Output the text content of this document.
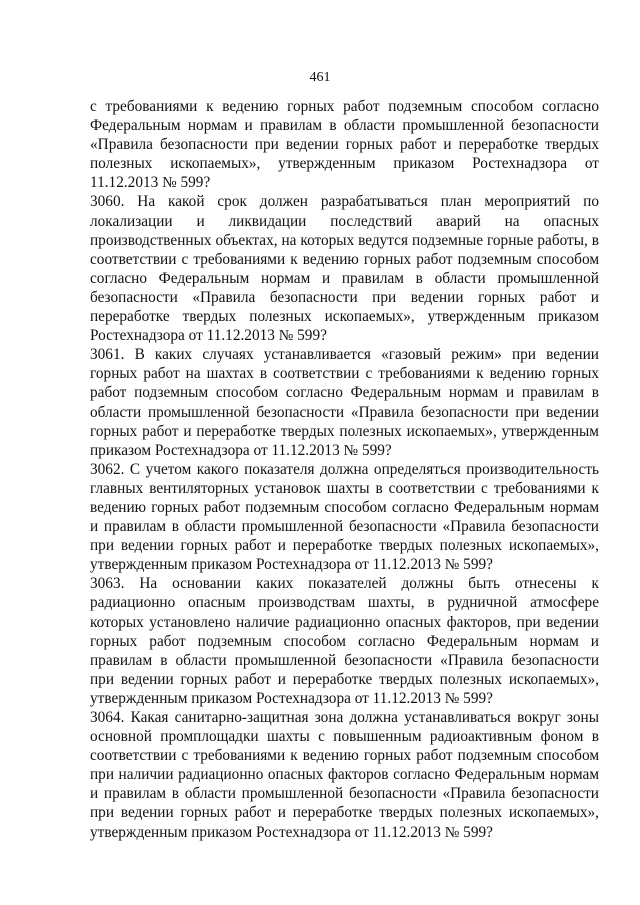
461

с требованиями к ведению горных работ подземным способом согласно Федеральным нормам и правилам в области промышленной безопасности «Правила безопасности при ведении горных работ и переработке твердых полезных ископаемых», утвержденным приказом Ростехнадзора от 11.12.2013 № 599?

3060. На какой срок должен разрабатываться план мероприятий по локализации и ликвидации последствий аварий на опасных производственных объектах, на которых ведутся подземные горные работы, в соответствии с требованиями к ведению горных работ подземным способом согласно Федеральным нормам и правилам в области промышленной безопасности «Правила безопасности при ведении горных работ и переработке твердых полезных ископаемых», утвержденным приказом Ростехнадзора от 11.12.2013 № 599?

3061. В каких случаях устанавливается «газовый режим» при ведении горных работ на шахтах в соответствии с требованиями к ведению горных работ подземным способом согласно Федеральным нормам и правилам в области промышленной безопасности «Правила безопасности при ведении горных работ и переработке твердых полезных ископаемых», утвержденным приказом Ростехнадзора от 11.12.2013 № 599?

3062. С учетом какого показателя должна определяться производительность главных вентиляторных установок шахты в соответствии с требованиями к ведению горных работ подземным способом согласно Федеральным нормам и правилам в области промышленной безопасности «Правила безопасности при ведении горных работ и переработке твердых полезных ископаемых», утвержденным приказом Ростехнадзора от 11.12.2013 № 599?

3063. На основании каких показателей должны быть отнесены к радиационно опасным производствам шахты, в рудничной атмосфере которых установлено наличие радиационно опасных факторов, при ведении горных работ подземным способом согласно Федеральным нормам и правилам в области промышленной безопасности «Правила безопасности при ведении горных работ и переработке твердых полезных ископаемых», утвержденным приказом Ростехнадзора от 11.12.2013 № 599?

3064. Какая санитарно-защитная зона должна устанавливаться вокруг зоны основной промплощадки шахты с повышенным радиоактивным фоном в соответствии с требованиями к ведению горных работ подземным способом при наличии радиационно опасных факторов согласно Федеральным нормам и правилам в области промышленной безопасности «Правила безопасности при ведении горных работ и переработке твердых полезных ископаемых», утвержденным приказом Ростехнадзора от 11.12.2013 № 599?
